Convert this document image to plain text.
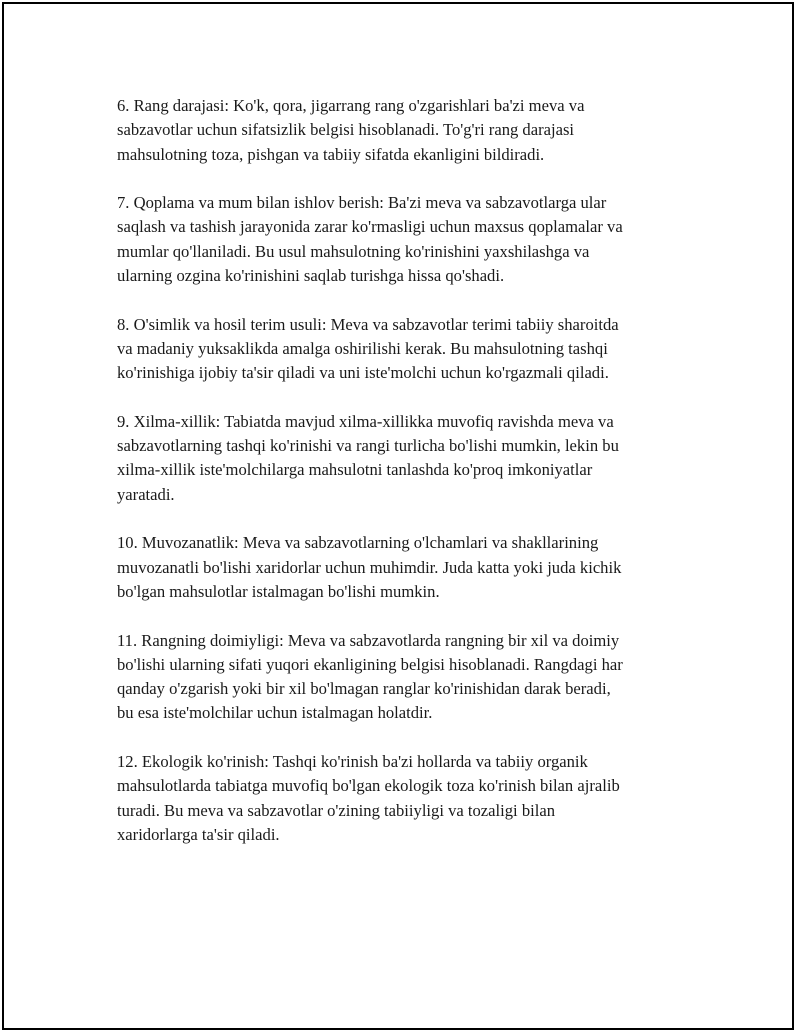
6. Rang darajasi: Ko'k, qora, jigarrang rang o'zgarishlari ba'zi meva va
sabzavotlar uchun sifatsizlik belgisi hisoblanadi. To'g'ri rang darajasi
mahsulotning toza, pishgan va tabiiy sifatda ekanligini bildiradi.

7. Qoplama va mum bilan ishlov berish: Ba'zi meva va sabzavotlarga ular
saqlash va tashish jarayonida zarar ko'rmasligi uchun maxsus qoplamalar va
mumlar qo'llaniladi. Bu usul mahsulotning ko'rinishini yaxshilashga va
ularning ozgina ko'rinishini saqlab turishga hissa qo'shadi.

8. O'simlik va hosil terim usuli: Meva va sabzavotlar terimi tabiiy sharoitda
va madaniy yuksaklikda amalga oshirilishi kerak. Bu mahsulotning tashqi
ko'rinishiga ijobiy ta'sir qiladi va uni iste'molchi uchun ko'rgazmali qiladi.

9. Xilma-xillik: Tabiatda mavjud xilma-xillikka muvofiq ravishda meva va
sabzavotlarning tashqi ko'rinishi va rangi turlicha bo'lishi mumkin, lekin bu
xilma-xillik iste'molchilarga mahsulotni tanlashda ko'proq imkoniyatlar
yaratadi.

10. Muvozanatlik: Meva va sabzavotlarning o'lchamlari va shakllarining
muvozanatli bo'lishi xaridorlar uchun muhimdir. Juda katta yoki juda kichik
bo'lgan mahsulotlar istalmagan bo'lishi mumkin.

11. Rangning doimiyligi: Meva va sabzavotlarda rangning bir xil va doimiy
bo'lishi ularning sifati yuqori ekanligining belgisi hisoblanadi. Rangdagi har
qanday o'zgarish yoki bir xil bo'lmagan ranglar ko'rinishidan darak beradi,
bu esa iste'molchilar uchun istalmagan holatdir.

12. Ekologik ko'rinish: Tashqi ko'rinish ba'zi hollarda va tabiiy organik
mahsulotlarda tabiatga muvofiq bo'lgan ekologik toza ko'rinish bilan ajralib
turadi. Bu meva va sabzavotlar o'zining tabiiyligi va tozaligi bilan
xaridorlarga ta'sir qiladi.
